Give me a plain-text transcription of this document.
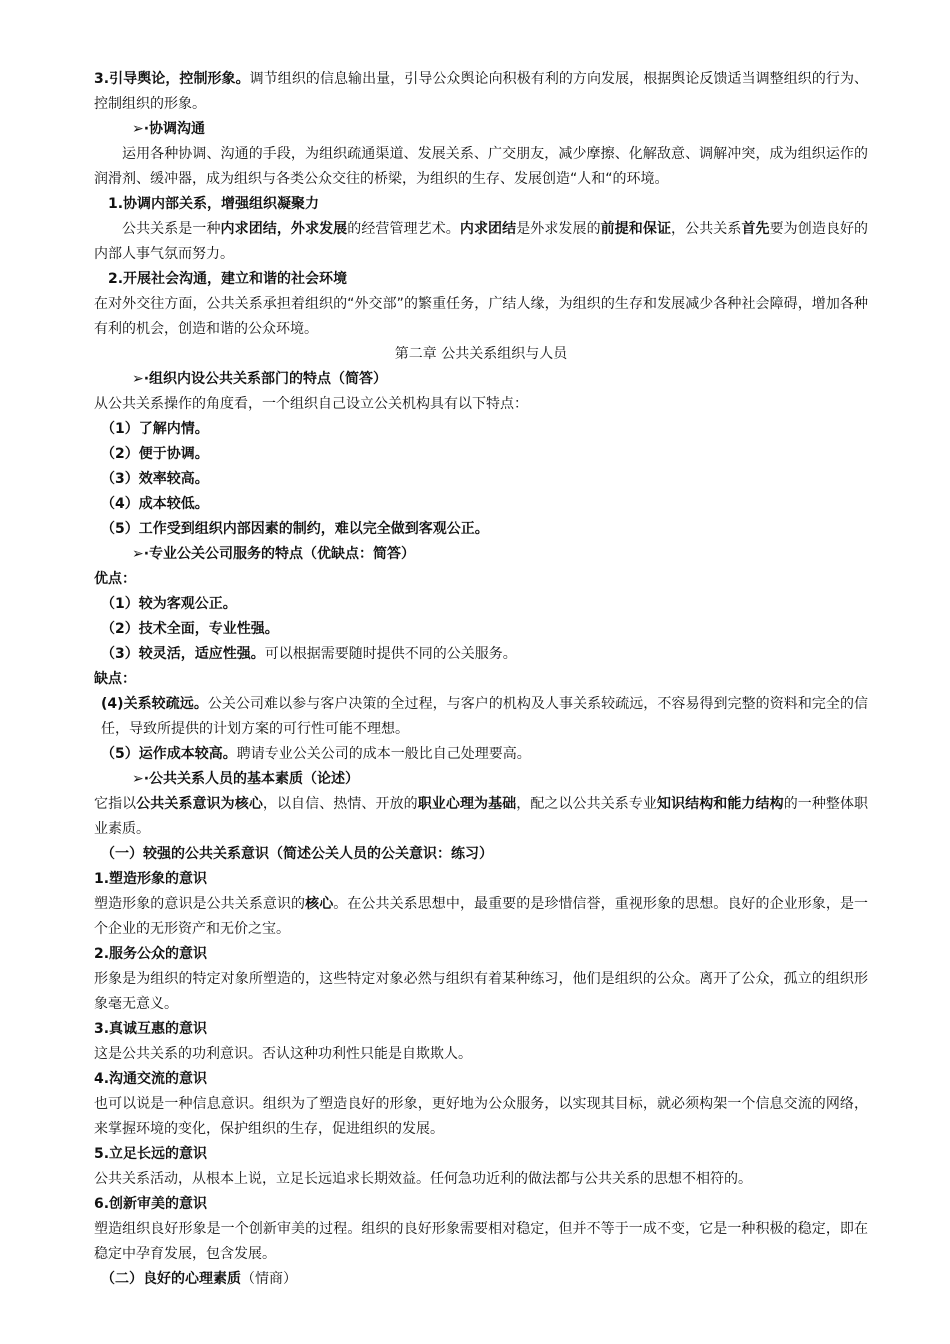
3.引导舆论，控制形象。调节组织的信息输出量，引导公众舆论向积极有利的方向发展，根据舆论反馈适当调整组织的行为、控制组织的形象。

➢·协调沟通

运用各种协调、沟通的手段，为组织疏通渠道、发展关系、广交朋友，减少摩擦、化解敌意、调解冲突，成为组织运作的润滑剂、缓冲器，成为组织与各类公众交往的桥梁，为组织的生存、发展创造“人和“的环境。

1.协调内部关系，增强组织凝聚力

公共关系是一种内求团结，外求发展的经营管理艺术。内求团结是外求发展的前提和保证，公共关系首先要为创造良好的内部人事气氛而努力。

2.开展社会沟通，建立和谐的社会环境

在对外交往方面，公共关系承担着组织的“外交部”的繁重任务，广结人缘，为组织的生存和发展减少各种社会障碍，增加各种有利的机会，创造和谐的公众环境。

第二章 公共关系组织与人员

➢·组织内设公共关系部门的特点（简答）

从公共关系操作的角度看，一个组织自己设立公关机构具有以下特点：

（1）了解内情。

（2）便于协调。

（3）效率较高。

（4）成本较低。

（5）工作受到组织内部因素的制约，难以完全做到客观公正。

➢·专业公关公司服务的特点（优缺点：简答）

优点：

（1）较为客观公正。

（2）技术全面，专业性强。

（3）较灵活，适应性强。可以根据需要随时提供不同的公关服务。

缺点：

(4)关系较疏远。公关公司难以参与客户决策的全过程，与客户的机构及人事关系较疏远，不容易得到完整的资料和完全的信任，导致所提供的计划方案的可行性可能不理想。

（5）运作成本较高。聘请专业公关公司的成本一般比自己处理要高。

➢·公共关系人员的基本素质（论述）

它指以公共关系意识为核心，以自信、热情、开放的职业心理为基础，配之以公共关系专业知识结构和能力结构的一种整体职业素质。

（一）较强的公共关系意识（简述公关人员的公关意识：练习）

1.塑造形象的意识

塑造形象的意识是公共关系意识的核心。在公共关系思想中，最重要的是珍惜信誉，重视形象的思想。良好的企业形象，是一个企业的无形资产和无价之宝。

2.服务公众的意识

形象是为组织的特定对象所塑造的，这些特定对象必然与组织有着某种练习，他们是组织的公众。离开了公众，孤立的组织形象毫无意义。

3.真诚互惠的意识

这是公共关系的功利意识。否认这种功利性只能是自欺欺人。

4.沟通交流的意识

也可以说是一种信息意识。组织为了塑造良好的形象，更好地为公众服务，以实现其目标，就必须构架一个信息交流的网络，来掌握环境的变化，保护组织的生存，促进组织的发展。

5.立足长远的意识

公共关系活动，从根本上说，立足长远追求长期效益。任何急功近利的做法都与公共关系的思想不相符的。

6.创新审美的意识

塑造组织良好形象是一个创新审美的过程。组织的良好形象需要相对稳定，但并不等于一成不变，它是一种积极的稳定，即在稳定中孕育发展，包含发展。

（二）良好的心理素质（情商）
